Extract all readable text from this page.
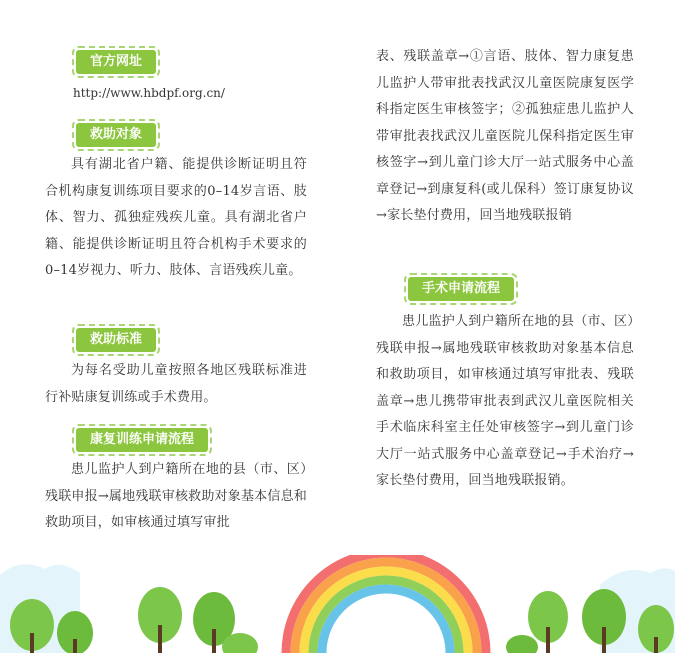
官方网址
http://www.hbdpf.org.cn/
救助对象
具有湖北省户籍、能提供诊断证明且符合机构康复训练项目要求的0–14岁言语、肢体、智力、孤独症残疾儿童。具有湖北省户籍、能提供诊断证明且符合机构手术要求的0–14岁视力、听力、肢体、言语残疾儿童。
救助标准
为每名受助儿童按照各地区残联标准进行补贴康复训练或手术费用。
康复训练申请流程
患儿监护人到户籍所在地的县（市、区）残联申报→属地残联审核救助对象基本信息和救助项目，如审核通过填写审批
表、残联盖章→①言语、肢体、智力康复患儿监护人带审批表找武汉儿童医院康复医学科指定医生审核签字；②孤独症患儿监护人带审批表找武汉儿童医院儿保科指定医生审核签字→到儿童门诊大厅一站式服务中心盖章登记→到康复科(或儿保科）签订康复协议→家长垫付费用，回当地残联报销
手术申请流程
患儿监护人到户籍所在地的县（市、区）残联申报→属地残联审核救助对象基本信息和救助项目，如审核通过填写审批表、残联盖章→患儿携带审批表到武汉儿童医院相关手术临床科室主任处审核签字→到儿童门诊大厅一站式服务中心盖章登记→手术治疗→家长垫付费用，回当地残联报销。
